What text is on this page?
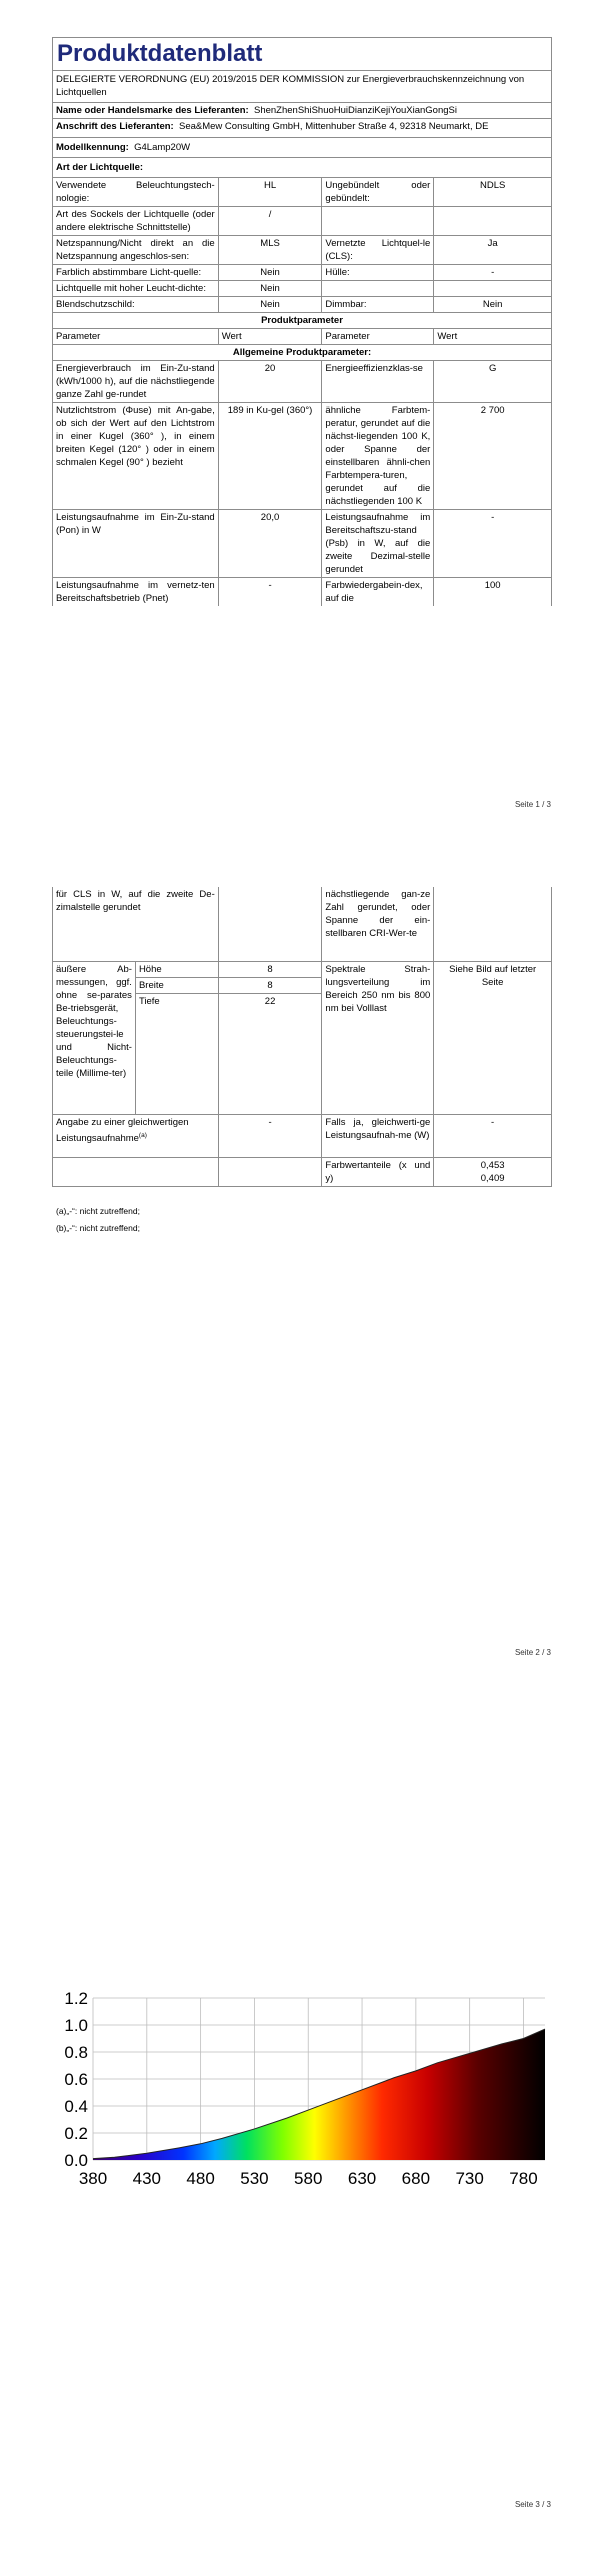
Produktdatenblatt			
DELEGIERTE VERORDNUNG (EU) 2019/2015 DER KOMMISSION zur Energieverbrauchskennzeichnung von Lichtquellen			
Name oder Handelsmarke des Lieferanten: ShenZhenShiShuoHuiDianziKejiYouXianGongSi			
Anschrift des Lieferanten: Sea&Mew Consulting GmbH, Mittenhuber Straße 4, 92318 Neumarkt, DE			
Modellkennung: G4Lamp20W			
Art der Lichtquelle:			
Verwendete Beleuchtungstech-nologie:	HL	Ungebündelt oder gebündelt:	NDLS
Art des Sockels der Lichtquelle (oder andere elektrische Schnittstelle)	/		
Netzspannung/Nicht direkt an die Netzspannung angeschlos-sen:	MLS	Vernetzte Lichtquel-le (CLS):	Ja
Farblich abstimmbare Licht-quelle:	Nein	Hülle:	-
Lichtquelle mit hoher Leucht-dichte:	Nein		
Blendschutzschild:	Nein	Dimmbar:	Nein
Produktparameter			
Parameter	Wert	Parameter	Wert
Allgemeine Produktparameter:			
Energieverbrauch im Ein-Zu-stand (kWh/1000 h), auf die nächstliegende ganze Zahl ge-rundet	20	Energieeffizienzklas-se	G
Nutzlichtstrom (Φuse) mit An-gabe, ob sich der Wert auf den Lichtstrom in einer Kugel (360° ), in einem breiten Kegel (120° ) oder in einem schmalen Kegel (90° ) bezieht	189 in Ku-gel (360°)	ähnliche Farbtem-peratur, gerundet auf die nächst-liegenden 100 K, oder Spanne der einstellbaren ähnli-chen Farbtempera-turen, gerundet auf die nächstliegenden 100 K	2 700
Leistungsaufnahme im Ein-Zu-stand (Pon) in W	20,0	Leistungsaufnahme im Bereitschaftszu-stand (Psb) in W, auf die zweite Dezimal-stelle gerundet	-
Leistungsaufnahme im vernetz-ten Bereitschaftsbetrieb (Pnet)	-	Farbwiedergabein-dex, auf die	100
Seite 1 / 3
für CLS in W, auf die zweite De-zimalstelle gerundet			nächstliegende gan-ze Zahl gerundet, oder Spanne der ein-stellbaren CRI-Wer-te	
äußere Ab-messungen, ggf. ohne se-parates Be-triebsgerät, Beleuchtungs-steuerungstei-le und Nicht-Beleuchtungs-teile (Millime-ter)	Höhe	8	Spektrale Strah-lungsverteilung im Bereich 250 nm bis 800 nm bei Volllast	Siehe Bild auf letzter Seite
	Breite	8		
	Tiefe	22		
Angabe zu einer gleichwertigen Leistungsaufnahme$^{(a)}$		-	Falls ja, gleichwerti-ge Leistungsaufnah-me (W)	-
			Farbwertanteile (x und y)	0,453
0,409
(a)„-“: nicht zutreffend;
(b)„-“: nicht zutreffend;
Seite 2 / 3
0.0
0.2
0.4
0.6
0.8
1.0
1.2
380 430 480 530 580 630 680 730 780
Seite 3 / 3
